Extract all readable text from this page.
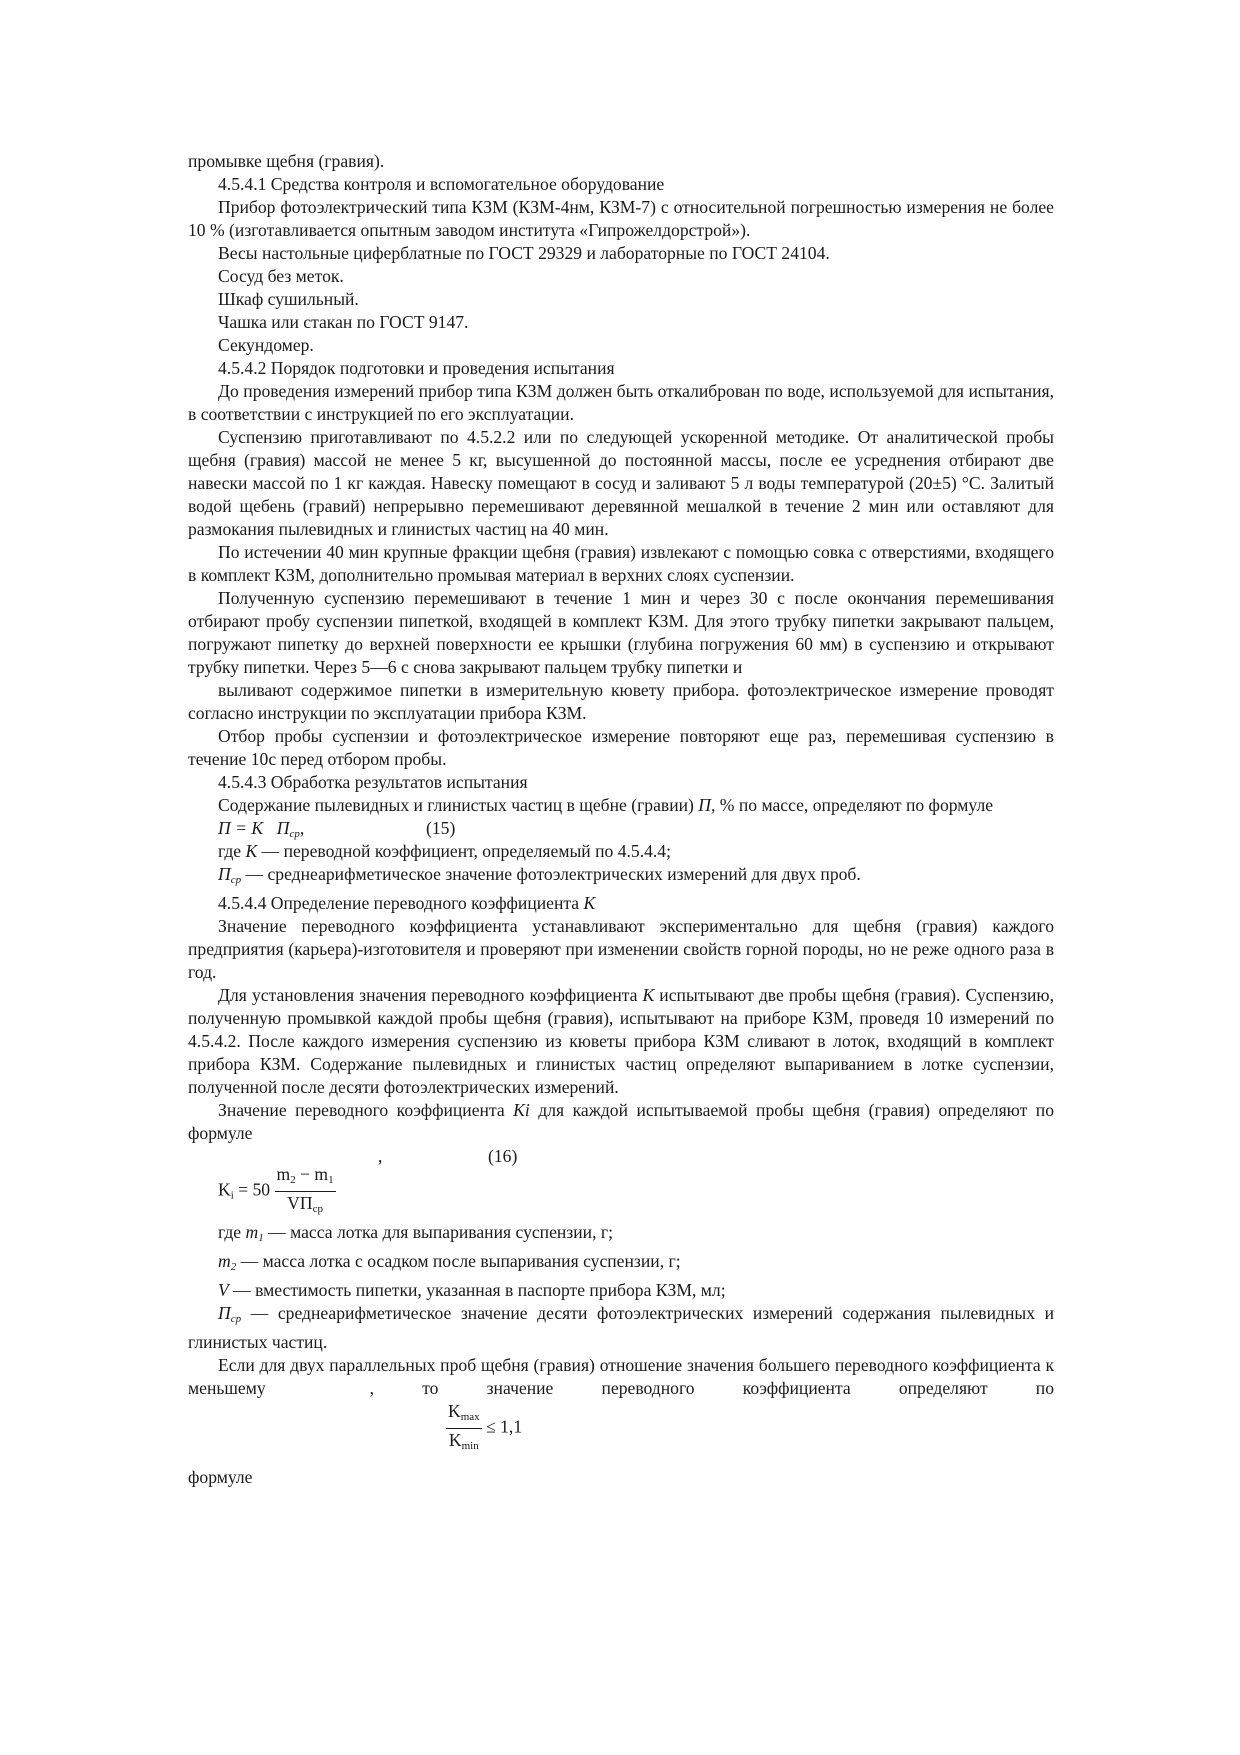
промывке щебня (гравия).

4.5.4.1 Средства контроля и вспомогательное оборудование

Прибор фотоэлектрический типа КЗМ (КЗМ-4нм, КЗМ-7) с относительной погрешностью измерения не более 10 % (изготавливается опытным заводом института «Гипрожелдорстрой»).

Весы настольные циферблатные по ГОСТ 29329 и лабораторные по ГОСТ 24104.

Сосуд без меток.

Шкаф сушильный.

Чашка или стакан по ГОСТ 9147.

Секундомер.

4.5.4.2 Порядок подготовки и проведения испытания

До проведения измерений прибор типа КЗМ должен быть откалиброван по воде, используемой для испытания, в соответствии с инструкцией по его эксплуатации.

Суспензию приготавливают по 4.5.2.2 или по следующей ускоренной методике. От аналитической пробы щебня (гравия) массой не менее 5 кг, высушенной до постоянной массы, после ее усреднения отбирают две навески массой по 1 кг каждая. Навеску помещают в сосуд и заливают 5 л воды температурой (20±5) °С. Залитый водой щебень (гравий) непрерывно перемешивают деревянной мешалкой в течение 2 мин или оставляют для размокания пылевидных и глинистых частиц на 40 мин.

По истечении 40 мин крупные фракции щебня (гравия) извлекают с помощью совка с отверстиями, входящего в комплект КЗМ, дополнительно промывая материал в верхних слоях суспензии.

Полученную суспензию перемешивают в течение 1 мин и через 30 с после окончания перемешивания отбирают пробу суспензии пипеткой, входящей в комплект КЗМ. Для этого трубку пипетки закрывают пальцем, погружают пипетку до верхней поверхности ее крышки (глубина погружения 60 мм) в суспензию и открывают трубку пипетки. Через 5—6 с снова закрывают пальцем трубку пипетки и

выливают содержимое пипетки в измерительную кювету прибора. фотоэлектрическое измерение проводят согласно инструкции по эксплуатации прибора КЗМ.

Отбор пробы суспензии и фотоэлектрическое измерение повторяют еще раз, перемешивая суспензию в течение 10с перед отбором пробы.

4.5.4.3 Обработка результатов испытания

Содержание пылевидных и глинистых частиц в щебне (гравии) П, % по массе, определяют по формуле

$П = К П_{ср}$,	(15)

где К — переводной коэффициент, определяемый по 4.5.4.4;

$П_{ср}$ — среднеарифметическое значение фотоэлектрических измерений для двух проб.

4.5.4.4 Определение переводного коэффициента К

Значение переводного коэффициента устанавливают экспериментально для щебня (гравия) каждого предприятия (карьера)-изготовителя и проверяют при изменении свойств горной породы, но не реже одного раза в год.

Для установления значения переводного коэффициента К испытывают две пробы щебня (гравия). Суспензию, полученную промывкой каждой пробы щебня (гравия), испытывают на приборе КЗМ, проведя 10 измерений по 4.5.4.2. После каждого измерения суспензию из кюветы прибора КЗМ сливают в лоток, входящий в комплект прибора КЗМ. Содержание пылевидных и глинистых частиц определяют выпариванием в лотке суспензии, полученной после десяти фотоэлектрических измерений.

Значение переводного коэффициента Ki для каждой испытываемой пробы щебня (гравия) определяют по формуле

,	(16)
$K_i = 50 \frac{m_2 - m_1}{VП_{ср}}$

где $m_1$ — масса лотка для выпаривания суспензии, г;

$m_2$ — масса лотка с осадком после выпаривания суспензии, г;

V — вместимость пипетки, указанная в паспорте прибора КЗМ, мл;

$П_{ср}$ — среднеарифметическое значение десяти фотоэлектрических измерений содержания пылевидных и глинистых частиц.

Если для двух параллельных проб щебня (гравия) отношение значения большего переводного коэффициента к меньшему	, то значение переводного коэффициента определяют по

$\frac{K_{max}}{K_{min}} \le 1,1$

формуле
